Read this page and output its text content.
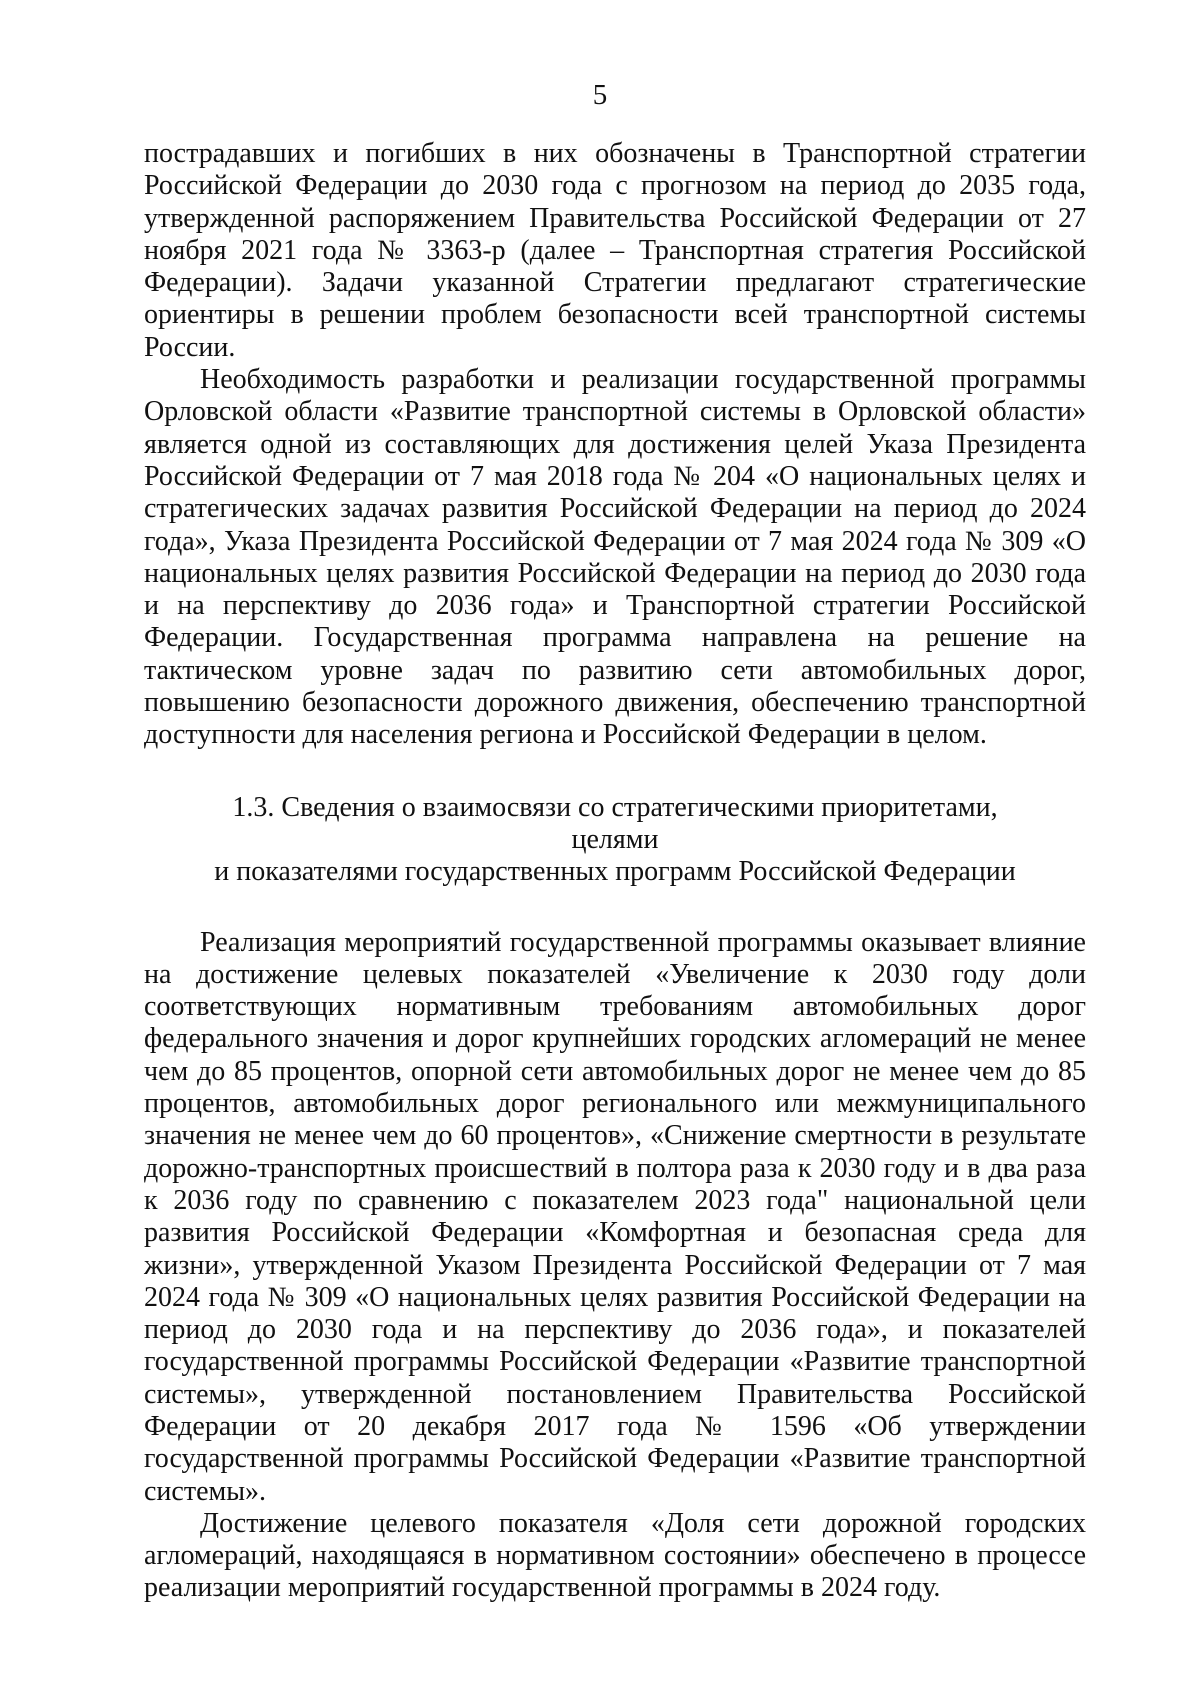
5

пострадавших и погибших в них обозначены в Транспортной стратегии Российской Федерации до 2030 года с прогнозом на период до 2035 года, утвержденной распоряжением Правительства Российской Федерации от 27 ноября 2021 года № 3363-р (далее – Транспортная стратегия Российской Федерации). Задачи указанной Стратегии предлагают стратегические ориентиры в решении проблем безопасности всей транспортной системы России.

Необходимость разработки и реализации государственной программы Орловской области «Развитие транспортной системы в Орловской области» является одной из составляющих для достижения целей Указа Президента Российской Федерации от 7 мая 2018 года № 204 «О национальных целях и стратегических задачах развития Российской Федерации на период до 2024 года», Указа Президента Российской Федерации от 7 мая 2024 года № 309 «О национальных целях развития Российской Федерации на период до 2030 года и на перспективу до 2036 года» и Транспортной стратегии Российской Федерации. Государственная программа направлена на решение на тактическом уровне задач по развитию сети автомобильных дорог, повышению безопасности дорожного движения, обеспечению транспортной доступности для населения региона и Российской Федерации в целом.

1.3. Сведения о взаимосвязи со стратегическими приоритетами, целями
и показателями государственных программ Российской Федерации

Реализация мероприятий государственной программы оказывает влияние на достижение целевых показателей «Увеличение к 2030 году доли соответствующих нормативным требованиям автомобильных дорог федерального значения и дорог крупнейших городских агломераций не менее чем до 85 процентов, опорной сети автомобильных дорог не менее чем до 85 процентов, автомобильных дорог регионального или межмуниципального значения не менее чем до 60 процентов», «Снижение смертности в результате дорожно-транспортных происшествий в полтора раза к 2030 году и в два раза к 2036 году по сравнению с показателем 2023 года" национальной цели развития Российской Федерации «Комфортная и безопасная среда для жизни», утвержденной Указом Президента Российской Федерации от 7 мая 2024 года № 309 «О национальных целях развития Российской Федерации на период до 2030 года и на перспективу до 2036 года», и показателей государственной программы Российской Федерации «Развитие транспортной системы», утвержденной постановлением Правительства Российской Федерации от 20 декабря 2017 года № 1596 «Об утверждении государственной программы Российской Федерации «Развитие транспортной системы».

Достижение целевого показателя «Доля сети дорожной городских агломераций, находящаяся в нормативном состоянии» обеспечено в процессе реализации мероприятий государственной программы в 2024 году.
